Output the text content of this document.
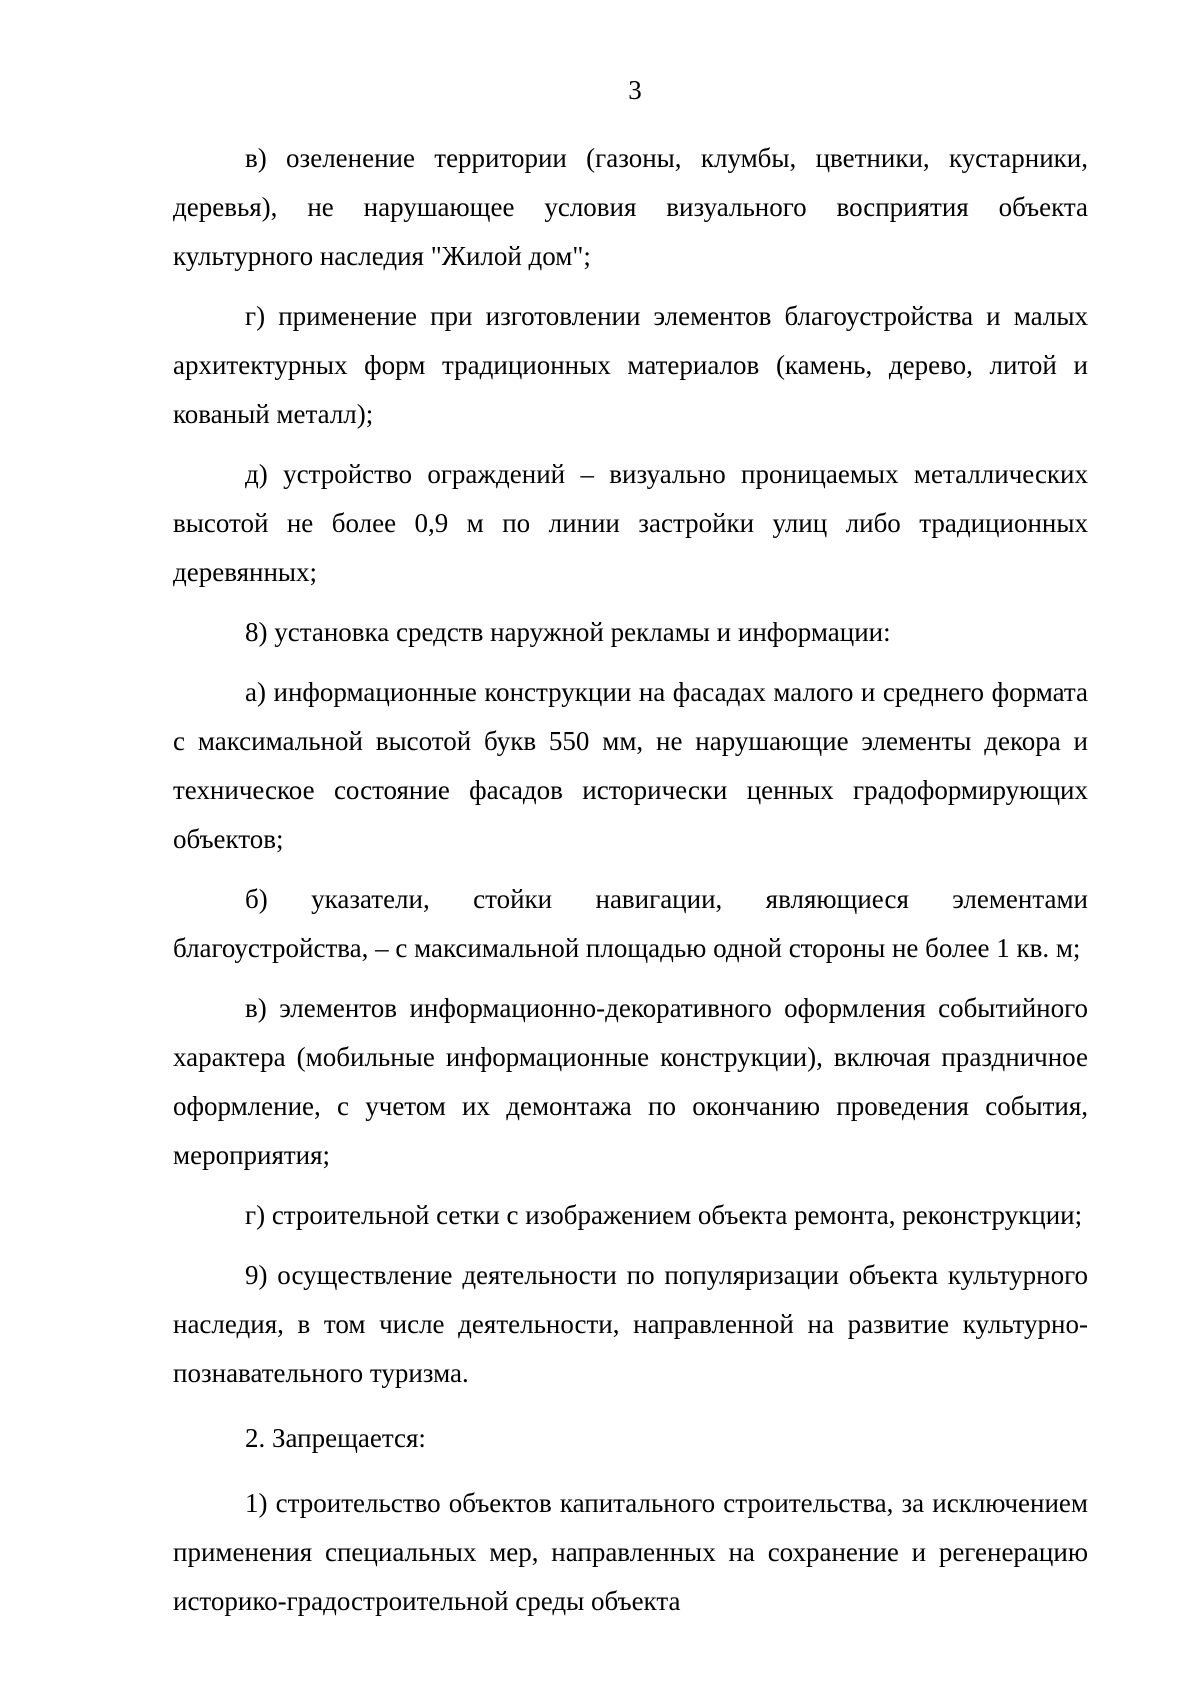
3

в) озеленение территории (газоны, клумбы, цветники, кустарники, деревья), не нарушающее условия визуального восприятия объекта культурного наследия "Жилой дом";

г) применение при изготовлении элементов благоустройства и малых архитектурных форм традиционных материалов (камень, дерево, литой и кованый металл);

д) устройство ограждений – визуально проницаемых металлических высотой не более 0,9 м по линии застройки улиц либо традиционных деревянных;

8) установка средств наружной рекламы и информации:

а) информационные конструкции на фасадах малого и среднего формата с максимальной высотой букв 550 мм, не нарушающие элементы декора и техническое состояние фасадов исторически ценных градоформирующих объектов;

б) указатели, стойки навигации, являющиеся элементами благоустройства, – с максимальной площадью одной стороны не более 1 кв. м;

в) элементов информационно-декоративного оформления событийного характера (мобильные информационные конструкции), включая праздничное оформление, с учетом их демонтажа по окончанию проведения события, мероприятия;

г) строительной сетки с изображением объекта ремонта, реконструкции;

9) осуществление деятельности по популяризации объекта культурного наследия, в том числе деятельности, направленной на развитие культурно-познавательного туризма.

2. Запрещается:

1) строительство объектов капитального строительства, за исключением применения специальных мер, направленных на сохранение и регенерацию историко-градостроительной среды объекта
